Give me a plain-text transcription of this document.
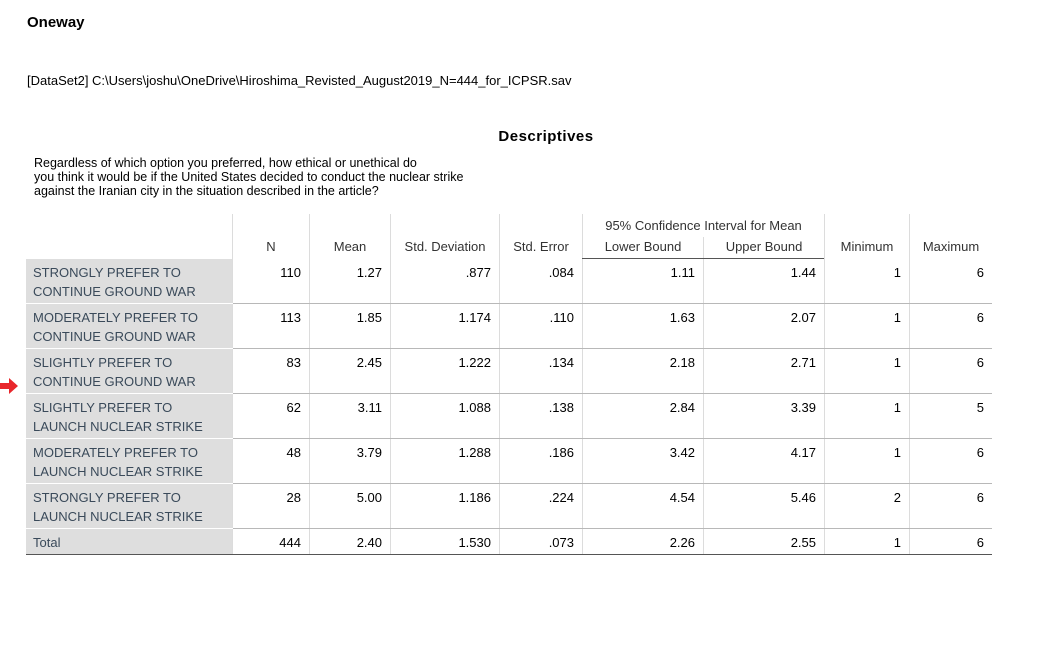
Oneway
[DataSet2] C:\Users\joshu\OneDrive\Hiroshima_Revisted_August2019_N=444_for_ICPSR.sav
Descriptives
Regardless of which option you preferred, how ethical or unethical do
you think it would be if the United States decided to conduct the nuclear strike
against the Iranian city in the situation described in the article?
	N	Mean	Std. Deviation	Std. Error	95% Confidence Interval for Mean		Minimum	Maximum
					Lower Bound	Upper Bound		
STRONGLY PREFER TO CONTINUE GROUND WAR	110	1.27	.877	.084	1.11	1.44	1	6
MODERATELY PREFER TO CONTINUE GROUND WAR	113	1.85	1.174	.110	1.63	2.07	1	6
SLIGHTLY PREFER TO CONTINUE GROUND WAR	83	2.45	1.222	.134	2.18	2.71	1	6
SLIGHTLY PREFER TO LAUNCH NUCLEAR STRIKE	62	3.11	1.088	.138	2.84	3.39	1	5
MODERATELY PREFER TO LAUNCH NUCLEAR STRIKE	48	3.79	1.288	.186	3.42	4.17	1	6
STRONGLY PREFER TO LAUNCH NUCLEAR STRIKE	28	5.00	1.186	.224	4.54	5.46	2	6
Total	444	2.40	1.530	.073	2.26	2.55	1	6
